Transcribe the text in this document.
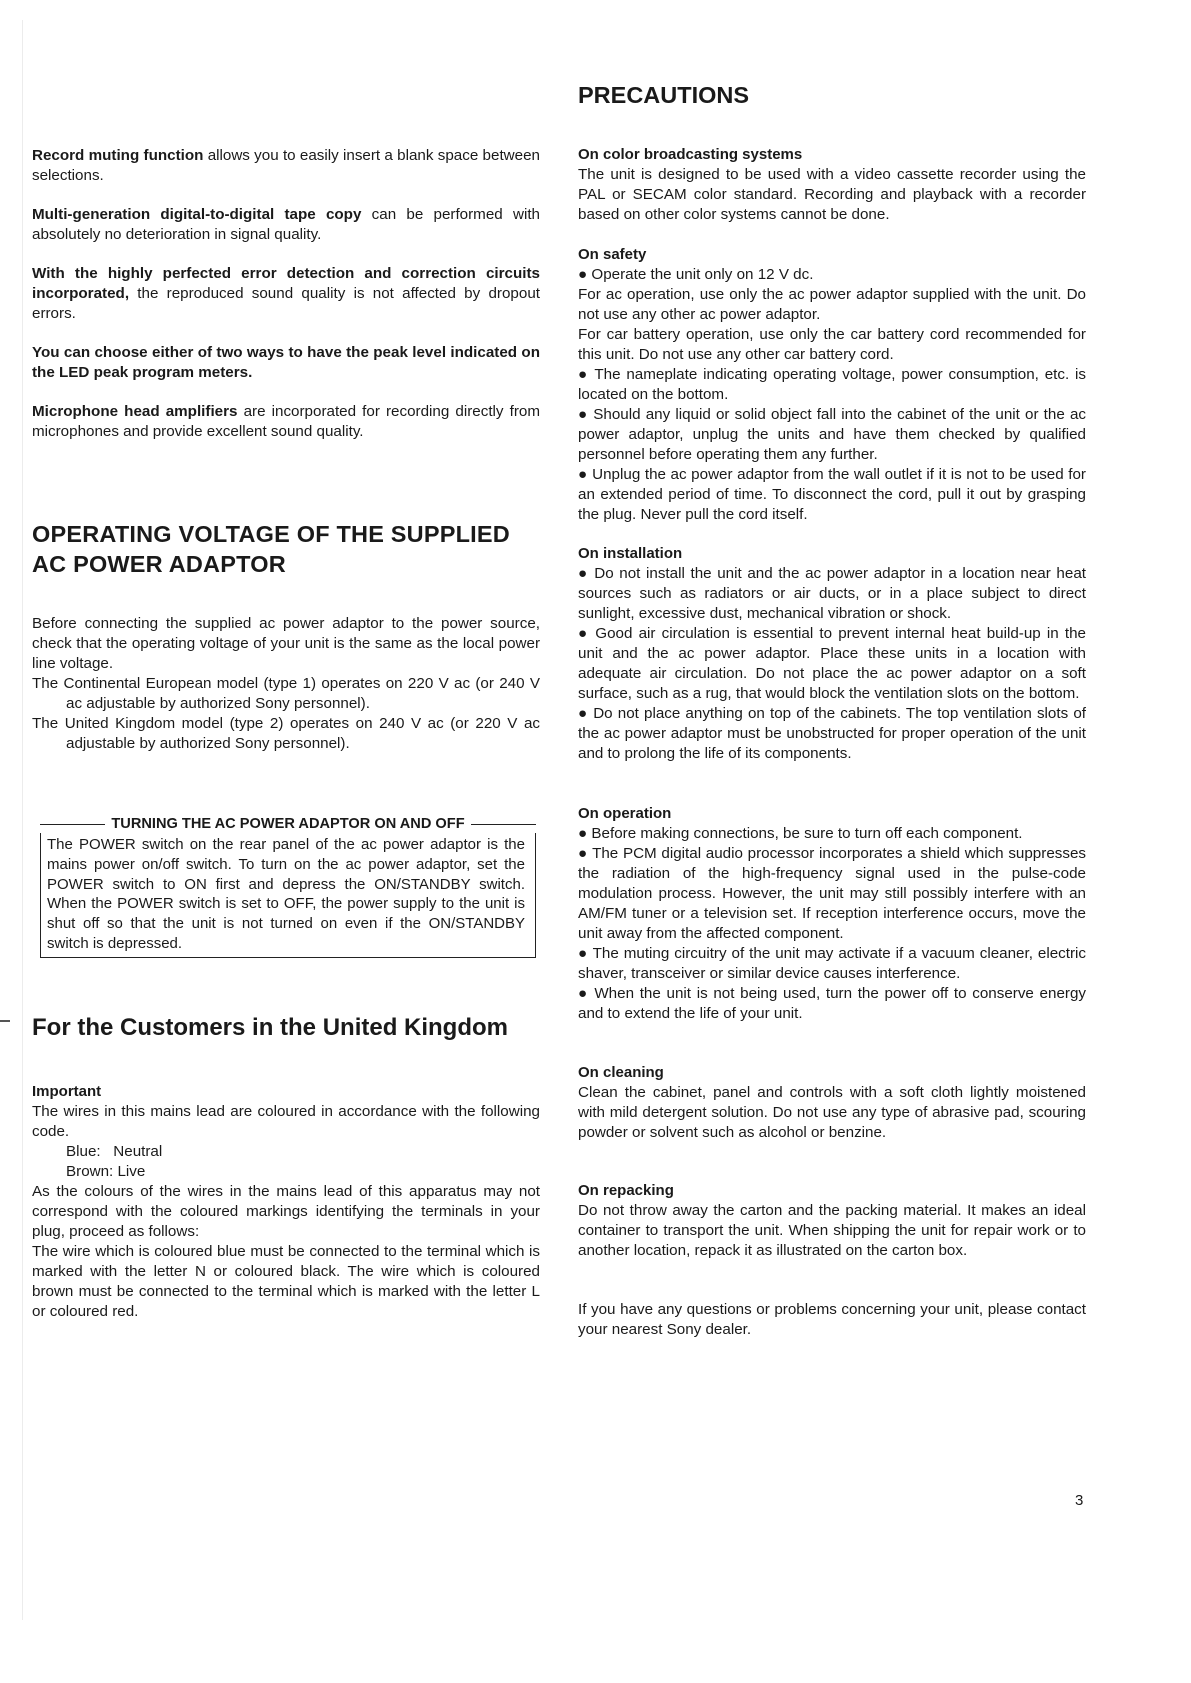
Record muting function allows you to easily insert a blank space between selections.

Multi-generation digital-to-digital tape copy can be performed with absolutely no deterioration in signal quality.

With the highly perfected error detection and correction circuits incorporated, the reproduced sound quality is not affected by dropout errors.

You can choose either of two ways to have the peak level indicated on the LED peak program meters.

Microphone head amplifiers are incorporated for recording directly from microphones and provide excellent sound quality.

OPERATING VOLTAGE OF THE SUPPLIED
AC POWER ADAPTOR

Before connecting the supplied ac power adaptor to the power source, check that the operating voltage of your unit is the same as the local power line voltage.

The Continental European model (type 1) operates on 220 V ac (or 240 V ac adjustable by authorized Sony personnel).

The United Kingdom model (type 2) operates on 240 V ac (or 220 V ac adjustable by authorized Sony personnel).

TURNING THE AC POWER ADAPTOR ON AND OFF

The POWER switch on the rear panel of the ac power adaptor is the mains power on/off switch. To turn on the ac power adaptor, set the POWER switch to ON first and depress the ON/STANDBY switch. When the POWER switch is set to OFF, the power supply to the unit is shut off so that the unit is not turned on even if the ON/STANDBY switch is depressed.

For the Customers in the United Kingdom
Important

The wires in this mains lead are coloured in accordance with the following code.

Blue:   Neutral

Brown: Live

As the colours of the wires in the mains lead of this apparatus may not correspond with the coloured markings identifying the terminals in your plug, proceed as follows:

The wire which is coloured blue must be connected to the terminal which is marked with the letter N or coloured black. The wire which is coloured brown must be connected to the terminal which is marked with the letter L or coloured red.

PRECAUTIONS
On color broadcasting systems

The unit is designed to be used with a video cassette recorder using the PAL or SECAM color standard. Recording and playback with a recorder based on other color systems cannot be done.

On safety

● Operate the unit only on 12 V dc.

For ac operation, use only the ac power adaptor supplied with the unit. Do not use any other ac power adaptor.

For car battery operation, use only the car battery cord recommended for this unit. Do not use any other car battery cord.

● The nameplate indicating operating voltage, power consumption, etc. is located on the bottom.

● Should any liquid or solid object fall into the cabinet of the unit or the ac power adaptor, unplug the units and have them checked by qualified personnel before operating them any further.

● Unplug the ac power adaptor from the wall outlet if it is not to be used for an extended period of time. To disconnect the cord, pull it out by grasping the plug. Never pull the cord itself.

On installation

● Do not install the unit and the ac power adaptor in a location near heat sources such as radiators or air ducts, or in a place subject to direct sunlight, excessive dust, mechanical vibration or shock.

● Good air circulation is essential to prevent internal heat build-up in the unit and the ac power adaptor. Place these units in a location with adequate air circulation. Do not place the ac power adaptor on a soft surface, such as a rug, that would block the ventilation slots on the bottom.

● Do not place anything on top of the cabinets. The top ventilation slots of the ac power adaptor must be unobstructed for proper operation of the unit and to prolong the life of its components.

On operation

● Before making connections, be sure to turn off each component.

● The PCM digital audio processor incorporates a shield which suppresses the radiation of the high-frequency signal used in the pulse-code modulation process. However, the unit may still possibly interfere with an AM/FM tuner or a television set. If reception interference occurs, move the unit away from the affected component.

● The muting circuitry of the unit may activate if a vacuum cleaner, electric shaver, transceiver or similar device causes interference.

● When the unit is not being used, turn the power off to conserve energy and to extend the life of your unit.

On cleaning

Clean the cabinet, panel and controls with a soft cloth lightly moistened with mild detergent solution. Do not use any type of abrasive pad, scouring powder or solvent such as alcohol or benzine.

On repacking

Do not throw away the carton and the packing material. It makes an ideal container to transport the unit. When shipping the unit for repair work or to another location, repack it as illustrated on the carton box.

If you have any questions or problems concerning your unit, please contact your nearest Sony dealer.

3
